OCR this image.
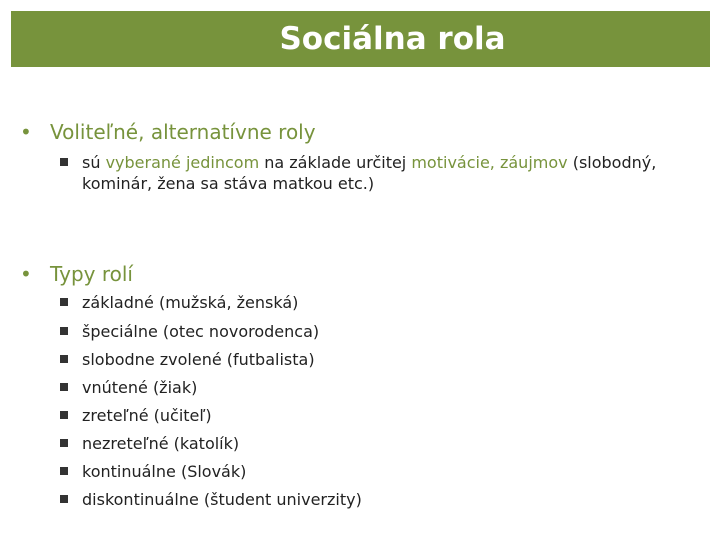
Sociálna rola
• Voliteľné, alternatívne roly
sú vyberané jedincom na základe určitej motivácie, záujmov (slobodný, kominár, žena sa stáva matkou etc.)
• Typy rolí
základné (mužská, ženská)
špeciálne (otec novorodenca)
slobodne zvolené (futbalista)
vnútené (žiak)
zreteľné (učiteľ)
nezreteľné (katolík)
kontinuálne (Slovák)
diskontinuálne (študent univerzity)
